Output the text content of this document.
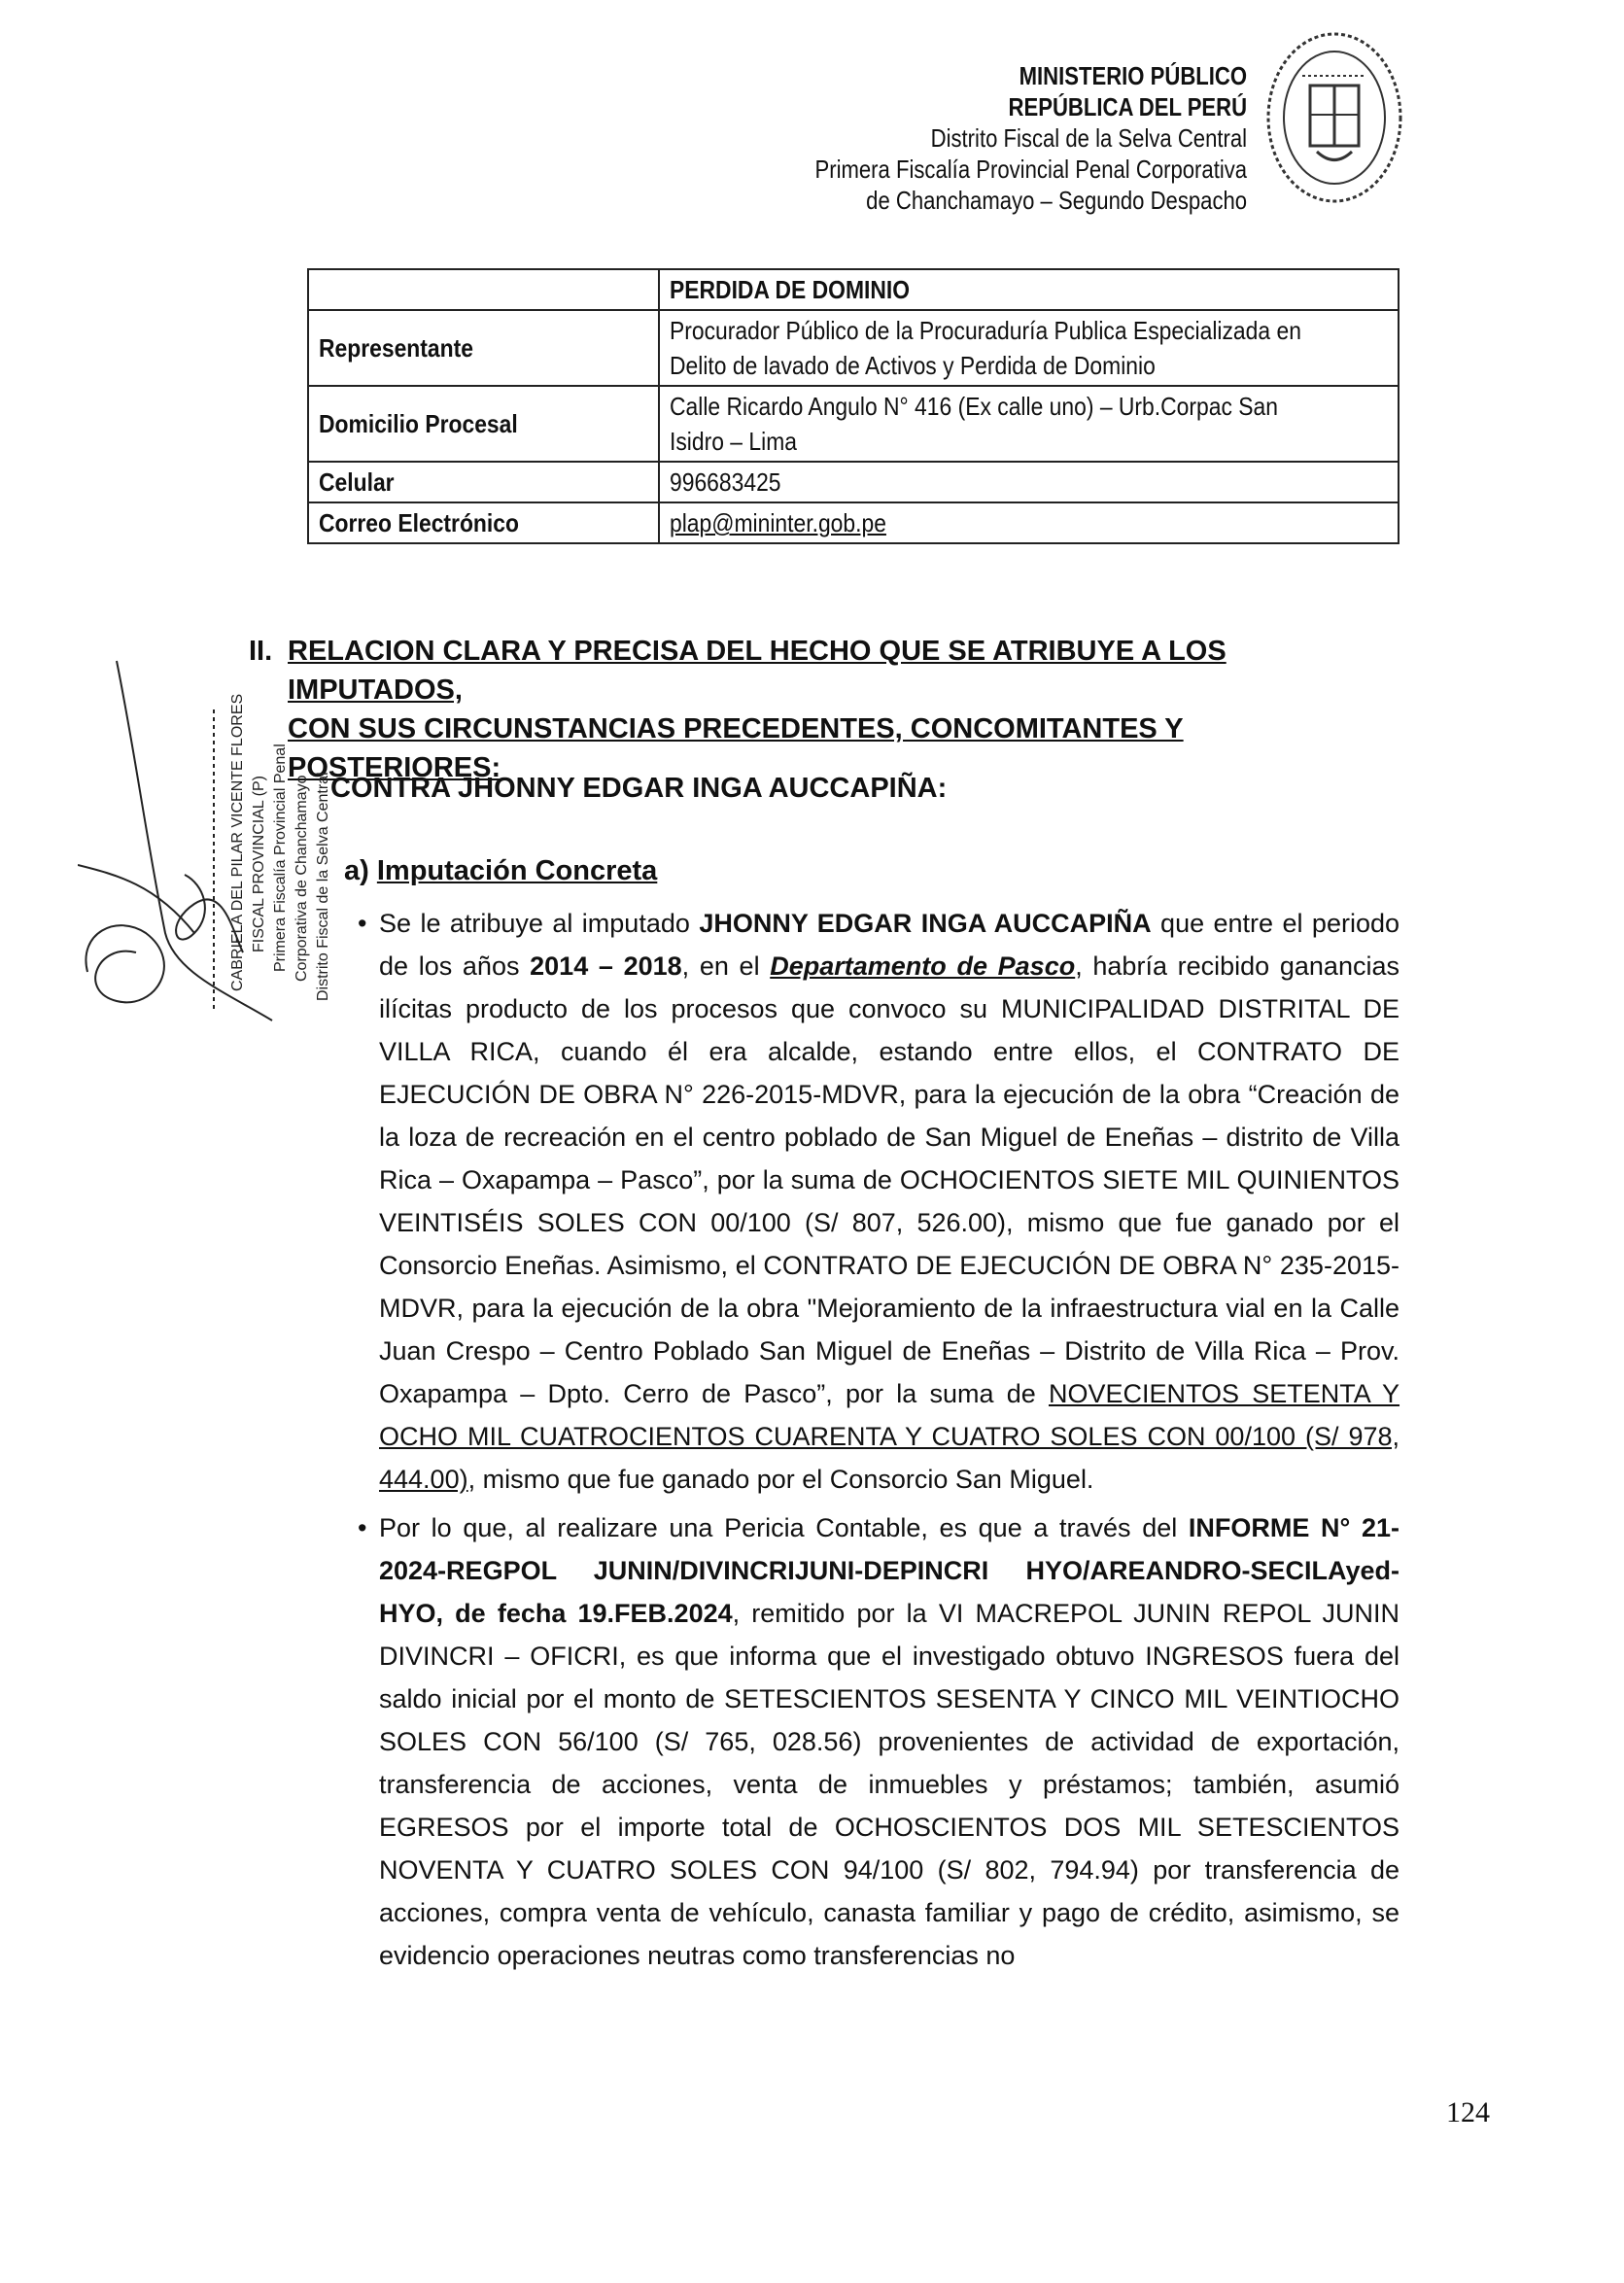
MINISTERIO PÚBLICO
REPÚBLICA DEL PERÚ
Distrito Fiscal de la Selva Central
Primera Fiscalía Provincial Penal Corporativa
de Chanchamayo – Segundo Despacho
	PERDIDA DE DOMINIO
Representante	Procurador Público de la Procuraduría Publica Especializada en
Delito de lavado de Activos y Perdida de Dominio
Domicilio Procesal	Calle Ricardo Angulo N° 416 (Ex calle uno) – Urb.Corpac San
Isidro – Lima
Celular	996683425
Correo Electrónico	plap@mininter.gob.pe
II. RELACION CLARA Y PRECISA DEL HECHO QUE SE ATRIBUYE A LOS IMPUTADOS,
CON SUS CIRCUNSTANCIAS PRECEDENTES, CONCOMITANTES Y POSTERIORES:
CONTRA JHONNY EDGAR INGA AUCCAPIÑA:
a) Imputación Concreta

• Se le atribuye al imputado JHONNY EDGAR INGA AUCCAPIÑA que entre el periodo de los años 2014 – 2018, en el Departamento de Pasco, habría recibido ganancias ilícitas producto de los procesos que convoco su MUNICIPALIDAD DISTRITAL DE VILLA RICA, cuando él era alcalde, estando entre ellos, el CONTRATO DE EJECUCIÓN DE OBRA N° 226-2015-MDVR, para la ejecución de la obra “Creación de la loza de recreación en el centro poblado de San Miguel de Eneñas – distrito de Villa Rica – Oxapampa – Pasco”, por la suma de OCHOCIENTOS SIETE MIL QUINIENTOS VEINTISÉIS SOLES CON 00/100 (S/ 807, 526.00), mismo que fue ganado por el Consorcio Eneñas. Asimismo, el CONTRATO DE EJECUCIÓN DE OBRA N° 235-2015-MDVR, para la ejecución de la obra "Mejoramiento de la infraestructura vial en la Calle Juan Crespo – Centro Poblado San Miguel de Eneñas – Distrito de Villa Rica – Prov. Oxapampa – Dpto. Cerro de Pasco”, por la suma de NOVECIENTOS SETENTA Y OCHO MIL CUATROCIENTOS CUARENTA Y CUATRO SOLES CON 00/100 (S/ 978, 444.00), mismo que fue ganado por el Consorcio San Miguel.

• Por lo que, al realizare una Pericia Contable, es que a través del INFORME N° 21-2024-REGPOL JUNIN/DIVINCRIJUNI-DEPINCRI HYO/AREANDRO-SECILAyed-HYO, de fecha 19.FEB.2024, remitido por la VI MACREPOL JUNIN REPOL JUNIN DIVINCRI – OFICRI, es que informa que el investigado obtuvo INGRESOS fuera del saldo inicial por el monto de SETESCIENTOS SESENTA Y CINCO MIL VEINTIOCHO SOLES CON 56/100 (S/ 765, 028.56) provenientes de actividad de exportación, transferencia de acciones, venta de inmuebles y préstamos; también, asumió EGRESOS por el importe total de OCHOSCIENTOS DOS MIL SETESCIENTOS NOVENTA Y CUATRO SOLES CON 94/100 (S/ 802, 794.94) por transferencia de acciones, compra venta de vehículo, canasta familiar y pago de crédito, asimismo, se evidencio operaciones neutras como transferencias no

CABRIELA DEL PILAR VICENTE FLORES FISCAL PROVINCIAL (P) Primera Fiscalía Provincial Penal Corporativa de Chanchamayo Distrito Fiscal de la Selva Central
124
